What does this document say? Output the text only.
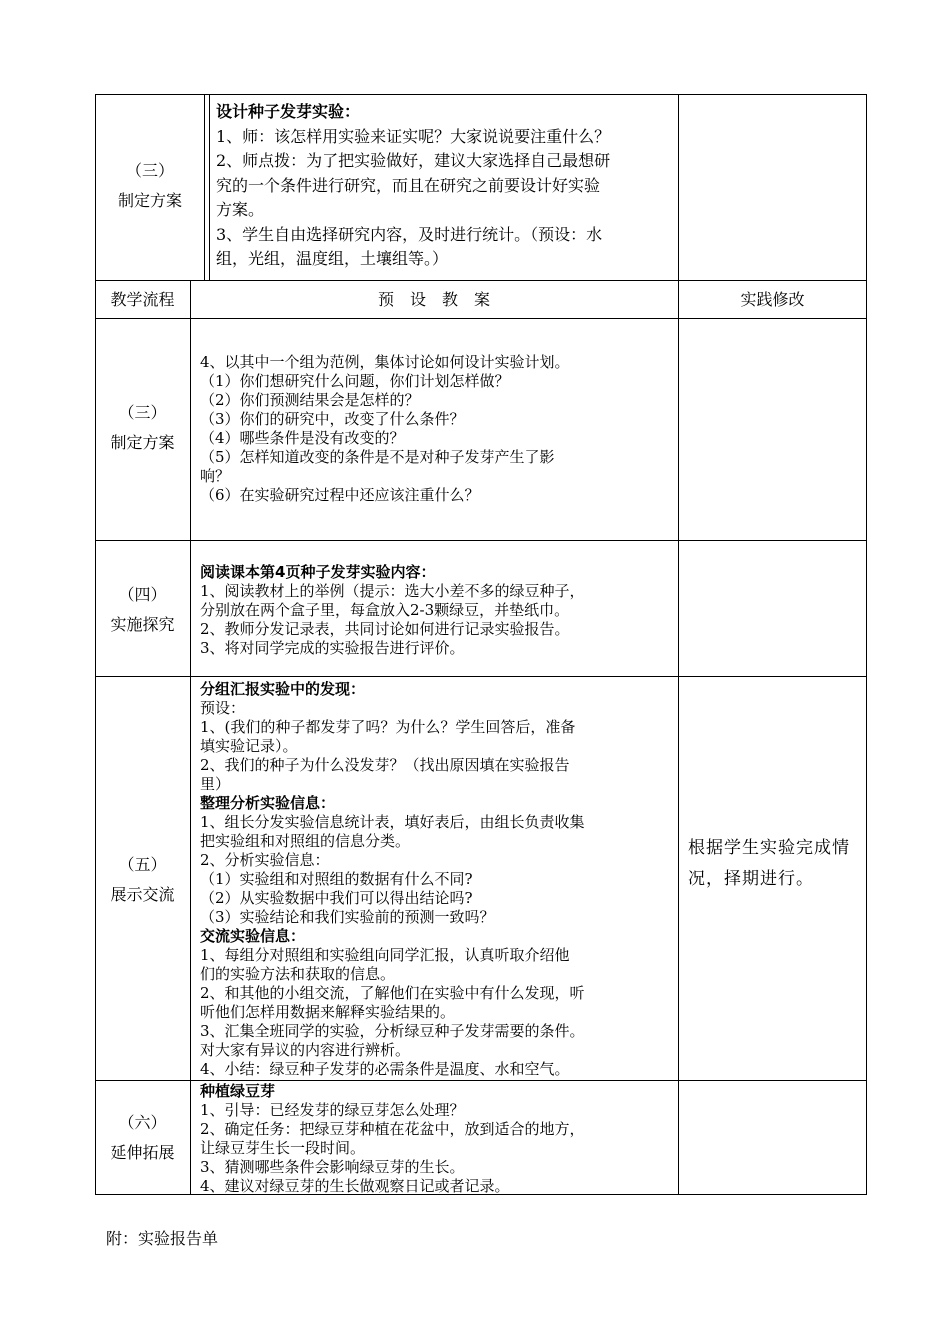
（三）
制定方案

设计种子发芽实验：

1、师：该怎样用实验来证实呢？大家说说要注重什么？

2、师点拨：为了把实验做好，建议大家选择自己最想研

究的一个条件进行研究，而且在研究之前要设计好实验

方案。

3、学生自由选择研究内容，及时进行统计。（预设：水

组，光组，温度组，土壤组等。）

教学流程	预　设　教　案	实践修改
（三）
制定方案

4、以其中一个组为范例，集体讨论如何设计实验计划。

（1）你们想研究什么问题，你们计划怎样做？

（2）你们预测结果会是怎样的？

（3）你们的研究中，改变了什么条件？

（4）哪些条件是没有改变的？

（5）怎样知道改变的条件是不是对种子发芽产生了影

响？

（6）在实验研究过程中还应该注重什么？

（四）
实施探究

阅读课本第4页种子发芽实验内容：

1、阅读教材上的举例（提示：选大小差不多的绿豆种子，

分别放在两个盒子里，每盒放入2-3颗绿豆，并垫纸巾。

2、教师分发记录表，共同讨论如何进行记录实验报告。

3、将对同学完成的实验报告进行评价。

（五）
展示交流

分组汇报实验中的发现：

预设：

1、(我们的种子都发芽了吗？为什么？学生回答后，准备

填实验记录）。

2、我们的种子为什么没发芽？（找出原因填在实验报告

里）

整理分析实验信息：

1、组长分发实验信息统计表，填好表后，由组长负责收集

把实验组和对照组的信息分类。

2、分析实验信息：

（1）实验组和对照组的数据有什么不同?

（2）从实验数据中我们可以得出结论吗?

（3）实验结论和我们实验前的预测一致吗？

交流实验信息：

1、每组分对照组和实验组向同学汇报，认真听取介绍他

们的实验方法和获取的信息。

2、和其他的小组交流，了解他们在实验中有什么发现，听

听他们怎样用数据来解释实验结果的。

3、汇集全班同学的实验，分析绿豆种子发芽需要的条件。

对大家有异议的内容进行辨析。

4、小结：绿豆种子发芽的必需条件是温度、水和空气。

根据学生实验完成情况，择期进行。
（六）
延伸拓展

种植绿豆芽

1、引导：已经发芽的绿豆芽怎么处理？

2、确定任务：把绿豆芽种植在花盆中，放到适合的地方，

让绿豆芽生长一段时间。

3、猜测哪些条件会影响绿豆芽的生长。

4、建议对绿豆芽的生长做观察日记或者记录。

附：实验报告单
